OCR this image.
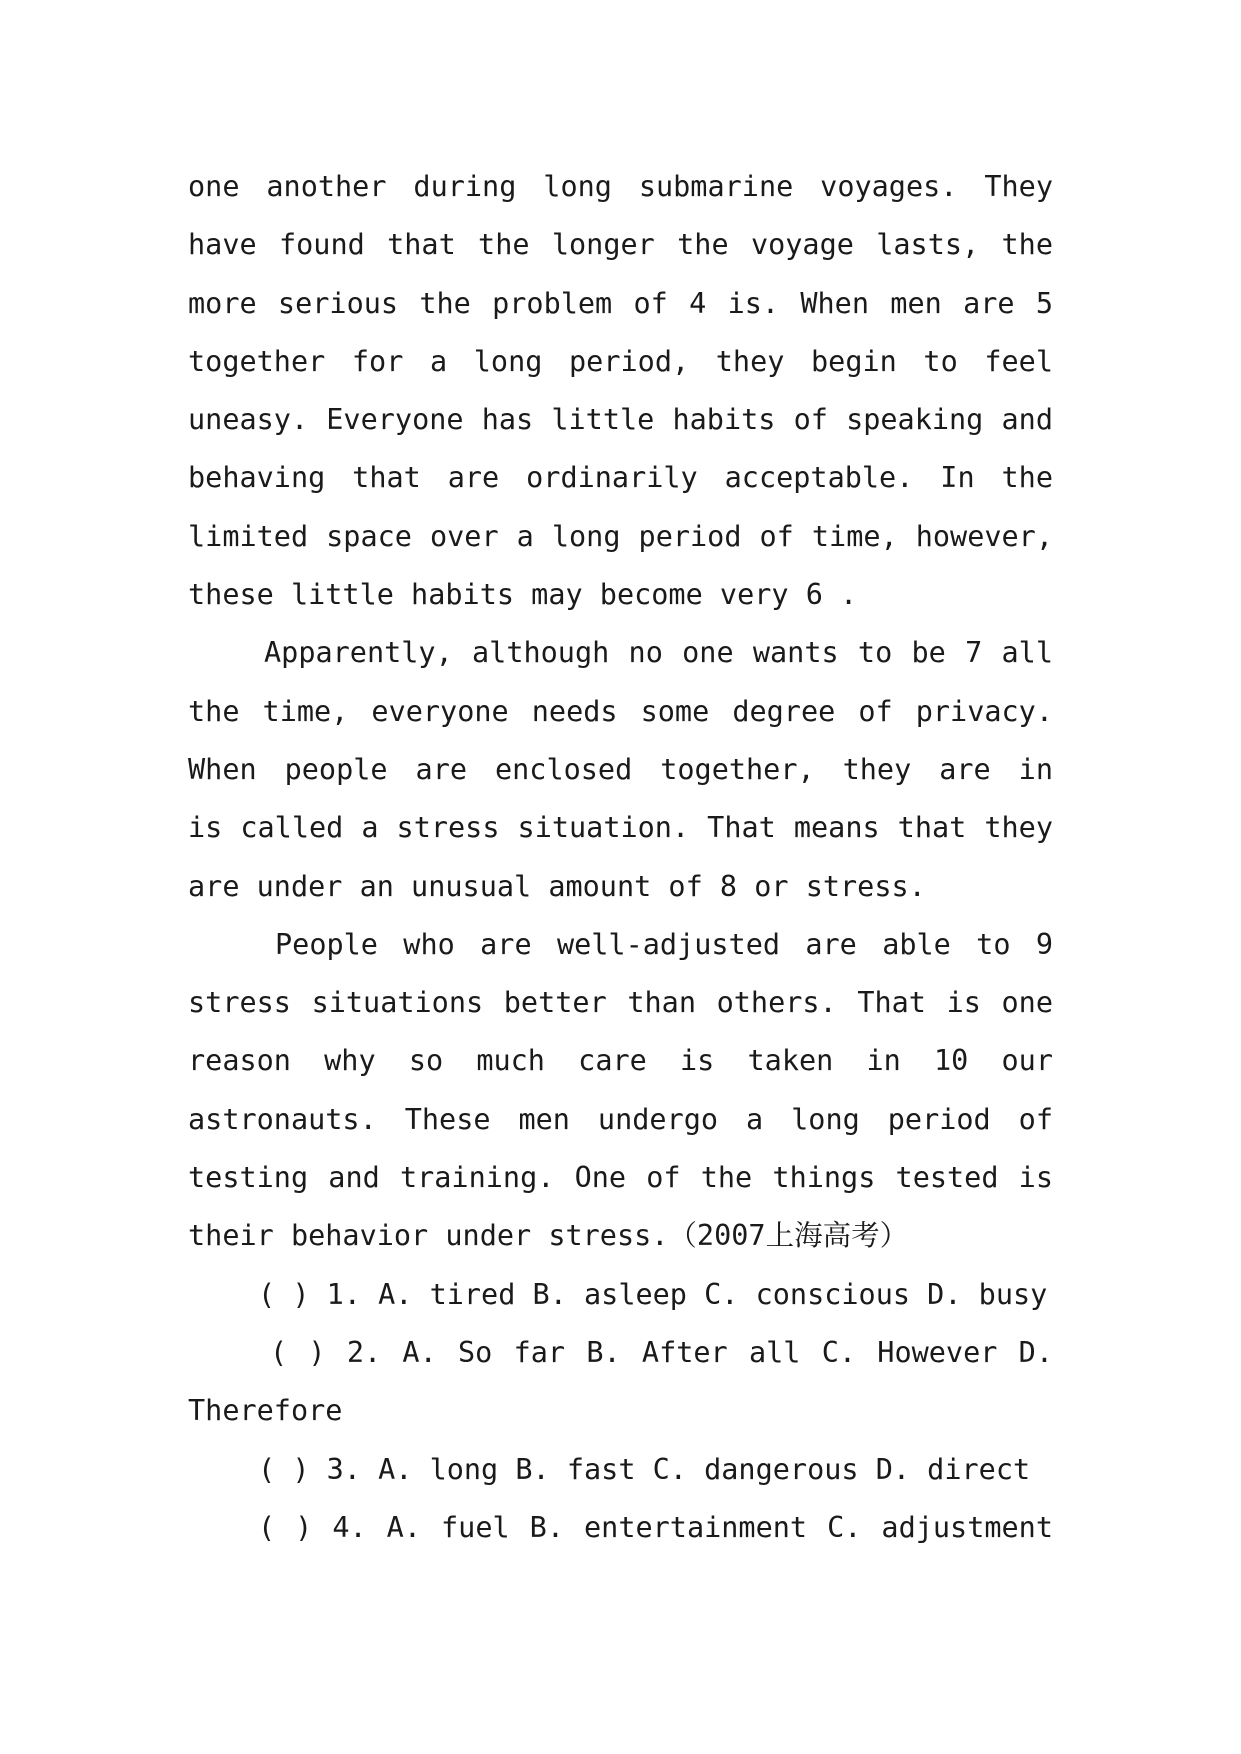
one another during long submarine voyages. They
have found that the longer the voyage lasts, the
more serious the problem of 4 is. When men are 5
together for a long period, they begin to feel
uneasy. Everyone has little habits of speaking and
behaving that are ordinarily acceptable. In the
limited space over a long period of time, however,
these little habits may become very 6 .
Apparently, although no one wants to be 7 all
the time, everyone needs some degree of privacy.
When people are enclosed together, they are in
is called a stress situation. That means that they
are under an unusual amount of 8 or stress.
People who are well-adjusted are able to 9
stress situations better than others. That is one
reason why so much care is taken in 10 our
astronauts. These men undergo a long period of
testing and training. One of the things tested is
their behavior under stress.（2007上海高考）
( ) 1. A. tired B. asleep C. conscious D. busy
( ) 2. A. So far B. After all C. However D.
Therefore
( ) 3. A. long B. fast C. dangerous D. direct
( ) 4. A. fuel B. entertainment C. adjustment
